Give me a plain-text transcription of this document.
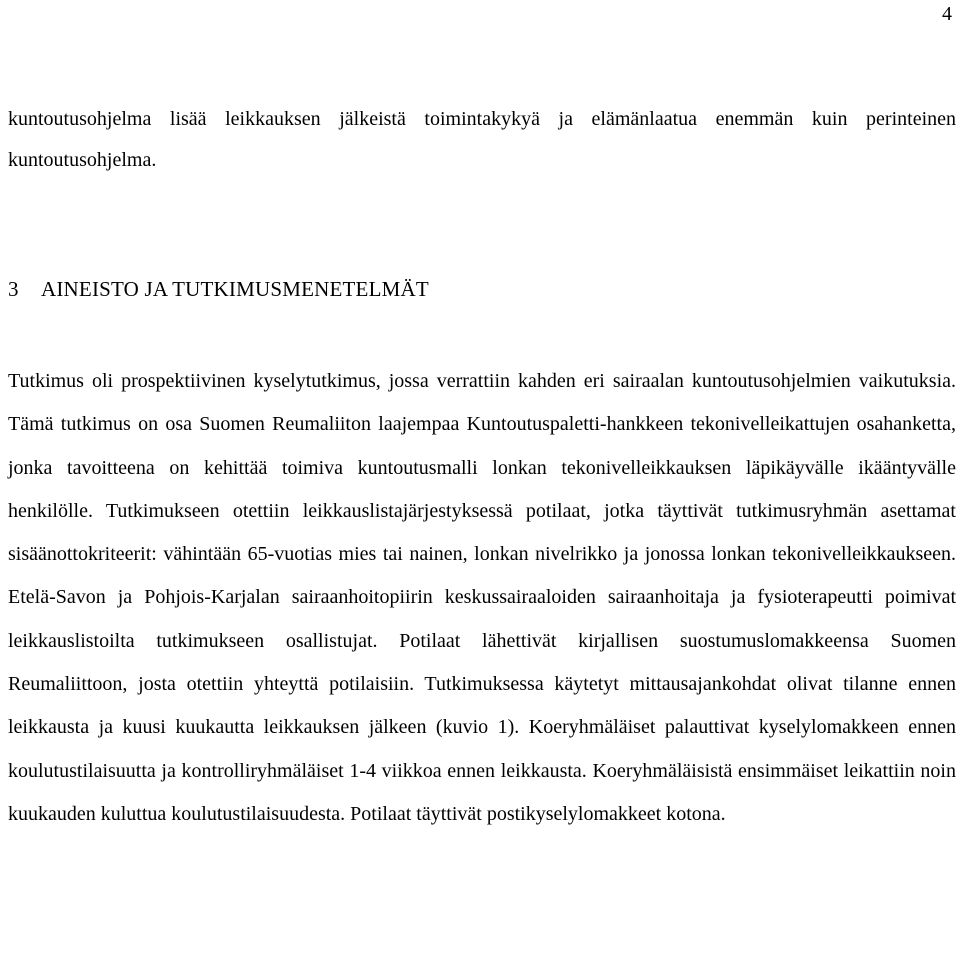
4

kuntoutusohjelma lisää leikkauksen jälkeistä toimintakykyä ja elämänlaatua enemmän kuin perinteinen kuntoutusohjelma.

3 AINEISTO JA TUTKIMUSMENETELMÄT

Tutkimus oli prospektiivinen kyselytutkimus, jossa verrattiin kahden eri sairaalan kuntoutusohjelmien vaikutuksia. Tämä tutkimus on osa Suomen Reumaliiton laajempaa Kuntoutuspaletti-hankkeen tekonivelleikattujen osahanketta, jonka tavoitteena on kehittää toimiva kuntoutusmalli lonkan tekonivelleikkauksen läpikäyvälle ikääntyvälle henkilölle. Tutkimukseen otettiin leikkauslistajärjestyksessä potilaat, jotka täyttivät tutkimusryhmän asettamat sisäänottokriteerit: vähintään 65-vuotias mies tai nainen, lonkan nivelrikko ja jonossa lonkan tekonivelleikkaukseen. Etelä-Savon ja Pohjois-Karjalan sairaanhoitopiirin keskussairaaloiden sairaanhoitaja ja fysioterapeutti poimivat leikkauslistoilta tutkimukseen osallistujat. Potilaat lähettivät kirjallisen suostumuslomakkeensa Suomen Reumaliittoon, josta otettiin yhteyttä potilaisiin. Tutkimuksessa käytetyt mittausajankohdat olivat tilanne ennen leikkausta ja kuusi kuukautta leikkauksen jälkeen (kuvio 1). Koeryhmäläiset palauttivat kyselylomakkeen ennen koulutustilaisuutta ja kontrolliryhmäläiset 1-4 viikkoa ennen leikkausta. Koeryhmäläisistä ensimmäiset leikattiin noin kuukauden kuluttua koulutustilaisuudesta. Potilaat täyttivät postikyselylomakkeet kotona.
